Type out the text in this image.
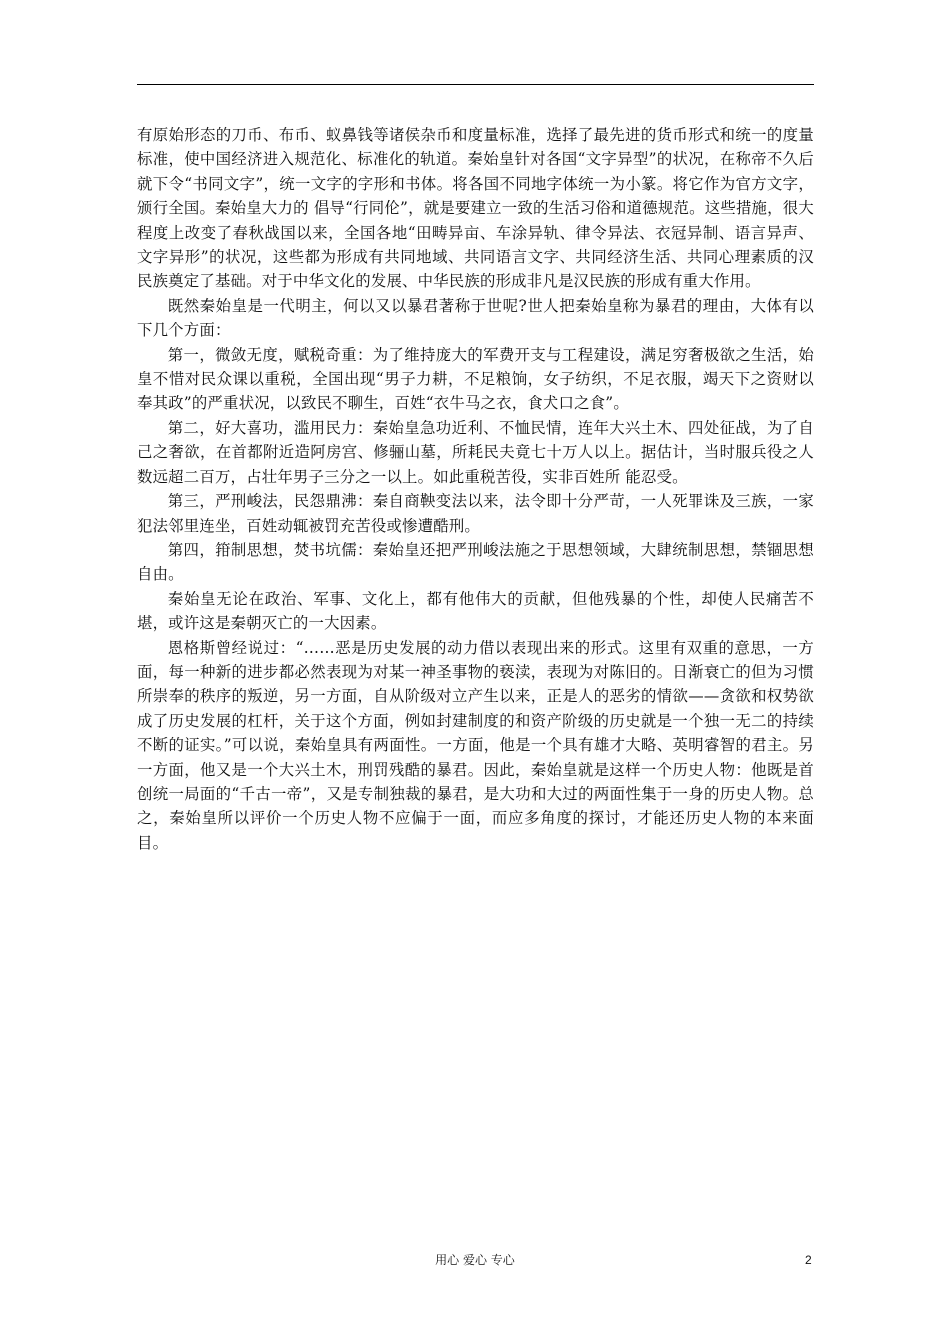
有原始形态的刀币、布币、蚁鼻钱等诸侯杂币和度量标准，选择了最先进的货币形式和统一的度量标准，使中国经济进入规范化、标准化的轨道。秦始皇针对各国“文字异型”的状况，在称帝不久后就下令“书同文字”，统一文字的字形和书体。将各国不同地字体统一为小篆。将它作为官方文字，颁行全国。秦始皇大力的 倡导“行同伦”，就是要建立一致的生活习俗和道德规范。这些措施，很大程度上改变了春秋战国以来，全国各地“田畴异亩、车涂异轨、律令异法、衣冠异制、语言异声、文字异形”的状况，这些都为形成有共同地域、共同语言文字、共同经济生活、共同心理素质的汉民族奠定了基础。对于中华文化的发展、中华民族的形成非凡是汉民族的形成有重大作用。

既然秦始皇是一代明主，何以又以暴君著称于世呢?世人把秦始皇称为暴君的理由，大体有以下几个方面：

第一，微敛无度，赋税奇重：为了维持庞大的军费开支与工程建设，满足穷奢极欲之生活，始皇不惜对民众课以重税，全国出现“男子力耕，不足粮饷，女子纺织，不足衣服，竭天下之资财以奉其政”的严重状况，以致民不聊生，百姓“衣牛马之衣，食犬口之食”。

第二，好大喜功，滥用民力：秦始皇急功近利、不恤民情，连年大兴土木、四处征战，为了自己之奢欲，在首都附近造阿房宫、修骊山墓，所耗民夫竟七十万人以上。据估计，当时服兵役之人数远超二百万，占壮年男子三分之一以上。如此重税苦役，实非百姓所 能忍受。

第三，严刑峻法，民怨鼎沸：秦自商鞅变法以来，法令即十分严苛，一人死罪诛及三族，一家犯法邻里连坐，百姓动辄被罚充苦役或惨遭酷刑。

第四，箝制思想，焚书坑儒：秦始皇还把严刑峻法施之于思想领域，大肆统制思想，禁锢思想自由。

秦始皇无论在政治、军事、文化上，都有他伟大的贡献，但他残暴的个性，却使人民痛苦不堪，或许这是秦朝灭亡的一大因素。

恩格斯曾经说过：“……恶是历史发展的动力借以表现出来的形式。这里有双重的意思，一方面，每一种新的进步都必然表现为对某一神圣事物的亵渎，表现为对陈旧的。日渐衰亡的但为习惯所崇奉的秩序的叛逆，另一方面，自从阶级对立产生以来，正是人的恶劣的情欲——贪欲和权势欲成了历史发展的杠杆，关于这个方面，例如封建制度的和资产阶级的历史就是一个独一无二的持续不断的证实。”可以说，秦始皇具有两面性。一方面，他是一个具有雄才大略、英明睿智的君主。另一方面，他又是一个大兴土木，刑罚残酷的暴君。因此，秦始皇就是这样一个历史人物：他既是首创统一局面的“千古一帝”，又是专制独裁的暴君，是大功和大过的两面性集于一身的历史人物。总之，秦始皇所以评价一个历史人物不应偏于一面，而应多角度的探讨，才能还历史人物的本来面目。

用心 爱心 专心	2
